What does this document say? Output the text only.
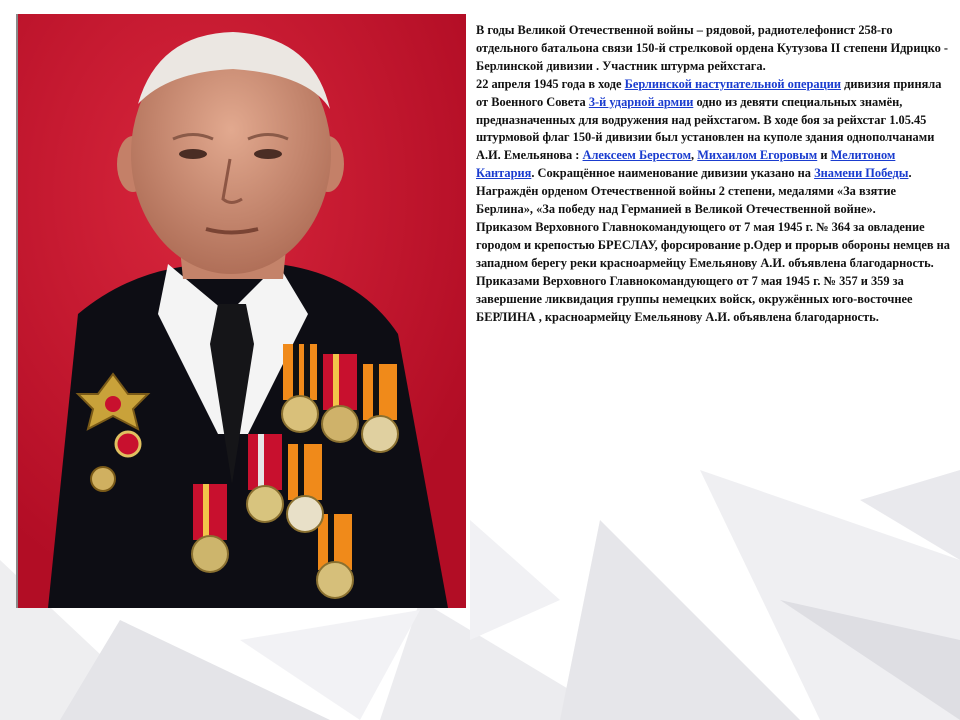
В годы Великой Отечественной войны – рядовой, радиотелефонист 258-го отдельного батальона связи 150-й стрелковой ордена Кутузова II степени Идрицко - Берлинской дивизии . Участник штурма рейхстага.

22 апреля 1945 года в ходе Берлинской наступательной операции дивизия приняла от Военного Совета 3-й ударной армии одно из девяти специальных знамён, предназначенных для водружения над рейхстагом. В ходе боя за рейхстаг 1.05.45 штурмовой флаг 150-й дивизии был установлен на куполе здания однополчанами А.И. Емельянова : Алексеем Берестом, Михаилом Егоровым и Мелитоном Кантария. Сокращённое наименование дивизии указано на Знамени Победы.

Награждён орденом Отечественной войны 2 степени, медалями «За взятие Берлина», «За победу над Германией в Великой Отечественной войне».

Приказом Верховного Главнокомандующего от 7 мая 1945 г. № 364 за овладение городом и крепостью БРЕСЛАУ, форсирование р.Одер и прорыв обороны немцев на западном берегу реки красноармейцу Емельянову А.И. объявлена благодарность.

Приказами Верховного Главнокомандующего от 7 мая 1945 г. № 357 и 359 за завершение ликвидация группы немецких войск, окружённых юго-восточнее БЕРЛИНА , красноармейцу Емельянову А.И. объявлена благодарность.
